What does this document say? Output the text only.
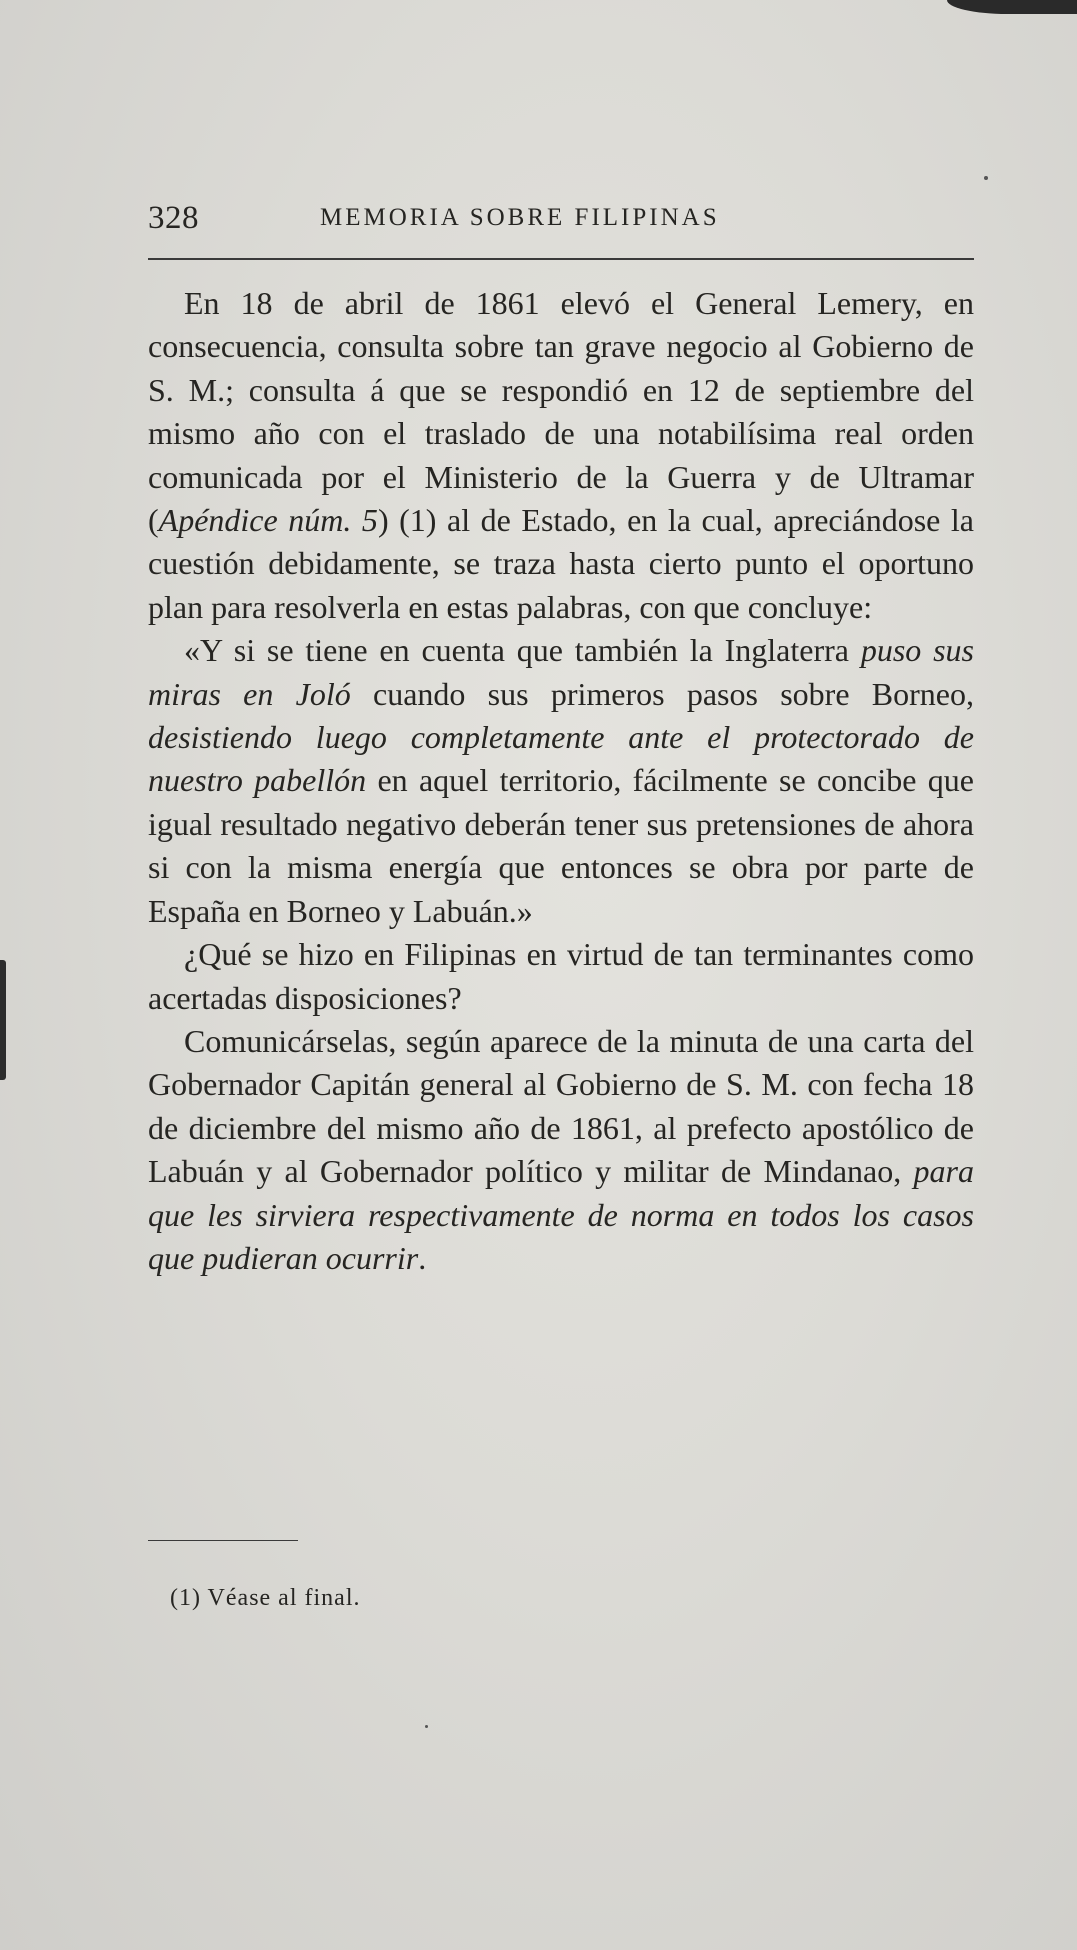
328	MEMORIA SOBRE FILIPINAS

En 18 de abril de 1861 elevó el General Lemery, en consecuencia, consulta sobre tan grave negocio al Gobierno de S. M.; consulta á que se respondió en 12 de septiembre del mismo año con el traslado de una notabilísima real orden comunicada por el Ministerio de la Guerra y de Ultramar (Apéndice núm. 5) (1) al de Estado, en la cual, apreciándose la cuestión debidamente, se traza hasta cierto punto el oportuno plan para resolverla en estas palabras, con que concluye:

«Y si se tiene en cuenta que también la Inglaterra puso sus miras en Joló cuando sus primeros pasos sobre Borneo, desistiendo luego completamente ante el protectorado de nuestro pabellón en aquel territorio, fácilmente se concibe que igual resultado negativo deberán tener sus pretensiones de ahora si con la misma energía que entonces se obra por parte de España en Borneo y Labuán.»

¿Qué se hizo en Filipinas en virtud de tan terminantes como acertadas disposiciones?

Comunicárselas, según aparece de la minuta de una carta del Gobernador Capitán general al Gobierno de S. M. con fecha 18 de diciembre del mismo año de 1861, al prefecto apostólico de Labuán y al Gobernador político y militar de Mindanao, para que les sirviera respectivamente de norma en todos los casos que pudieran ocurrir.

(1) Véase al final.
